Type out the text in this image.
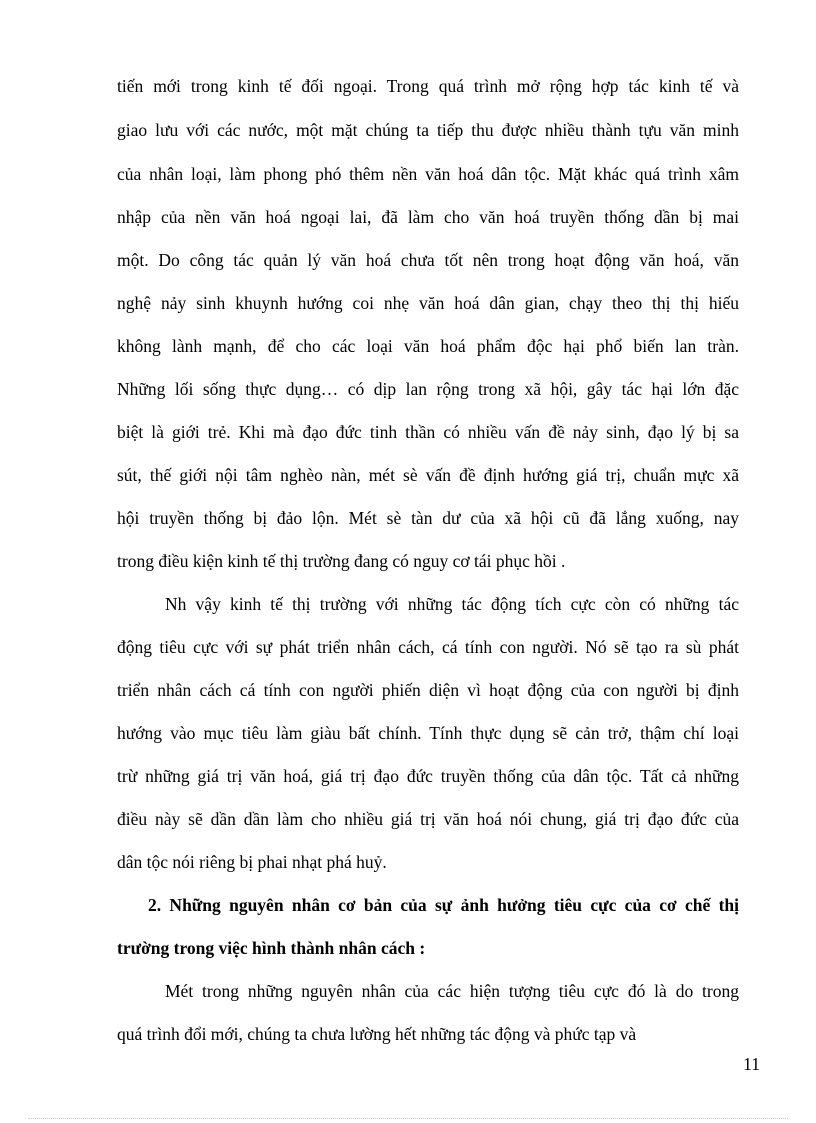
tiến mới trong kinh tế đối ngoại. Trong quá trình mở rộng hợp tác kinh tế và
giao lưu với các nước, một mặt chúng ta tiếp thu được nhiều thành tựu văn minh
của nhân loại, làm phong phó thêm nền văn hoá dân tộc. Mặt khác quá trình xâm
nhập của nền văn hoá ngoại lai, đã làm cho văn hoá truyền thống dần bị mai
một. Do công tác quản lý văn hoá chưa tốt nên trong hoạt động văn hoá, văn
nghệ nảy sinh khuynh hướng coi nhẹ văn hoá dân gian, chạy theo thị thị hiếu
không lành mạnh, để cho các loại văn hoá phẩm độc hại phổ biến lan tràn.
Những lối sống thực dụng… có dịp lan rộng trong xã hội, gây tác hại lớn đặc
biệt là giới trẻ. Khi mà đạo đức tinh thần có nhiều vấn đề nảy sinh, đạo lý bị sa
sút, thế giới nội tâm nghèo nàn, mét sè vấn đề định hướng giá trị, chuẩn mực xã
hội truyền thống bị đảo lộn. Mét sè tàn dư của xã hội cũ đã lắng xuống, nay
trong điều kiện kinh tế thị trường đang có nguy cơ tái phục hồi .
Nh vậy kinh tế thị trường với những tác động tích cực còn có những tác
động tiêu cực với sự phát triển nhân cách, cá tính con người. Nó sẽ tạo ra sù phát
triển nhân cách cá tính con người phiến diện vì hoạt động của con người bị định
hướng vào mục tiêu làm giàu bất chính. Tính thực dụng sẽ cản trở, thậm chí loại
trừ những giá trị văn hoá, giá trị đạo đức truyền thống của dân tộc. Tất cả những
điều này sẽ dần dần làm cho nhiều giá trị văn hoá nói chung, giá trị đạo đức của
dân tộc nói riêng bị phai nhạt phá huỷ.
2. Những nguyên nhân cơ bản của sự ảnh hưởng tiêu cực của cơ chế thị
trường trong việc hình thành nhân cách :
Mét trong những nguyên nhân của các hiện tượng tiêu cực đó là do trong
quá trình đổi mới, chúng ta chưa lường hết những tác động và phức tạp và
11
